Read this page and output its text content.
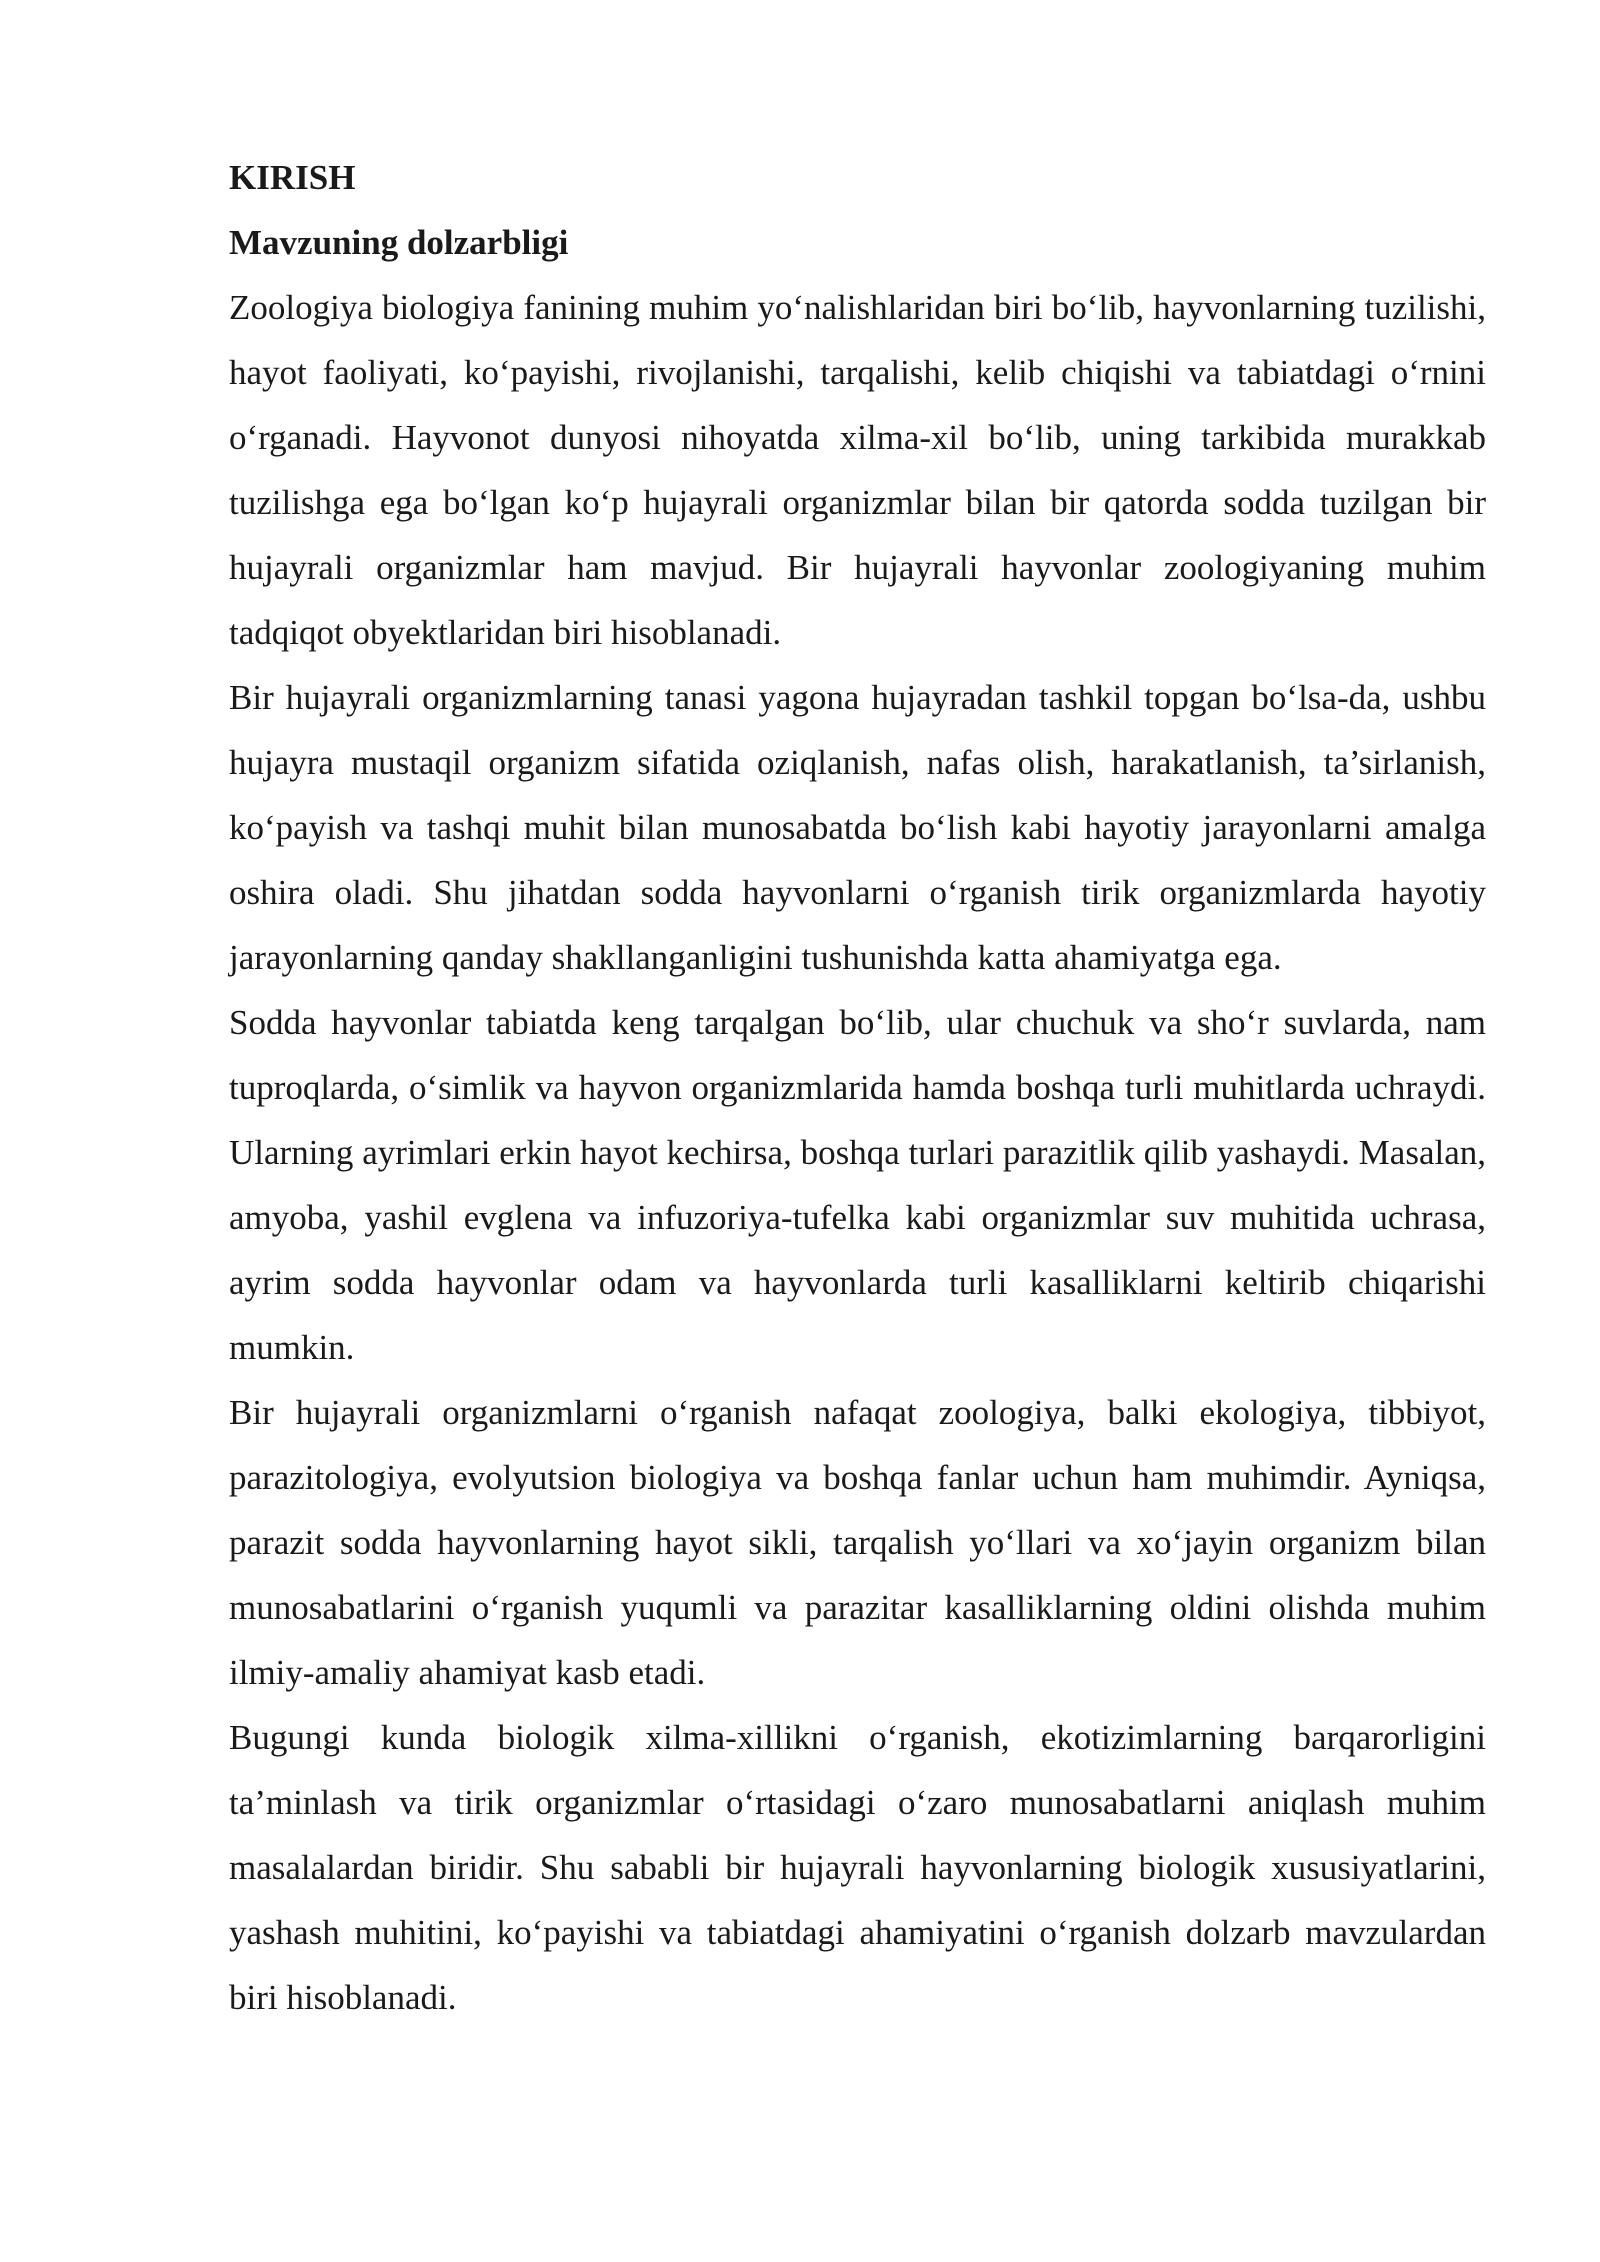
KIRISH
Mavzuning dolzarbligi

Zoologiya biologiya fanining muhim yo‘nalishlaridan biri bo‘lib, hayvonlarning tuzilishi, hayot faoliyati, ko‘payishi, rivojlanishi, tarqalishi, kelib chiqishi va tabiatdagi o‘rnini o‘rganadi. Hayvonot dunyosi nihoyatda xilma-xil bo‘lib, uning tarkibida murakkab tuzilishga ega bo‘lgan ko‘p hujayrali organizmlar bilan bir qatorda sodda tuzilgan bir hujayrali organizmlar ham mavjud. Bir hujayrali hayvonlar zoologiyaning muhim tadqiqot obyektlaridan biri hisoblanadi.

Bir hujayrali organizmlarning tanasi yagona hujayradan tashkil topgan bo‘lsa-da, ushbu hujayra mustaqil organizm sifatida oziqlanish, nafas olish, harakatlanish, ta’sirlanish, ko‘payish va tashqi muhit bilan munosabatda bo‘lish kabi hayotiy jarayonlarni amalga oshira oladi. Shu jihatdan sodda hayvonlarni o‘rganish tirik organizmlarda hayotiy jarayonlarning qanday shakllanganligini tushunishda katta ahamiyatga ega.

Sodda hayvonlar tabiatda keng tarqalgan bo‘lib, ular chuchuk va sho‘r suvlarda, nam tuproqlarda, o‘simlik va hayvon organizmlarida hamda boshqa turli muhitlarda uchraydi. Ularning ayrimlari erkin hayot kechirsa, boshqa turlari parazitlik qilib yashaydi. Masalan, amyoba, yashil evglena va infuzoriya-tufelka kabi organizmlar suv muhitida uchrasa, ayrim sodda hayvonlar odam va hayvonlarda turli kasalliklarni keltirib chiqarishi mumkin.

Bir hujayrali organizmlarni o‘rganish nafaqat zoologiya, balki ekologiya, tibbiyot, parazitologiya, evolyutsion biologiya va boshqa fanlar uchun ham muhimdir. Ayniqsa, parazit sodda hayvonlarning hayot sikli, tarqalish yo‘llari va xo‘jayin organizm bilan munosabatlarini o‘rganish yuqumli va parazitar kasalliklarning oldini olishda muhim ilmiy-amaliy ahamiyat kasb etadi.

Bugungi kunda biologik xilma-xillikni o‘rganish, ekotizimlarning barqarorligini ta’minlash va tirik organizmlar o‘rtasidagi o‘zaro munosabatlarni aniqlash muhim masalalardan biridir. Shu sababli bir hujayrali hayvonlarning biologik xususiyatlarini, yashash muhitini, ko‘payishi va tabiatdagi ahamiyatini o‘rganish dolzarb mavzulardan biri hisoblanadi.
